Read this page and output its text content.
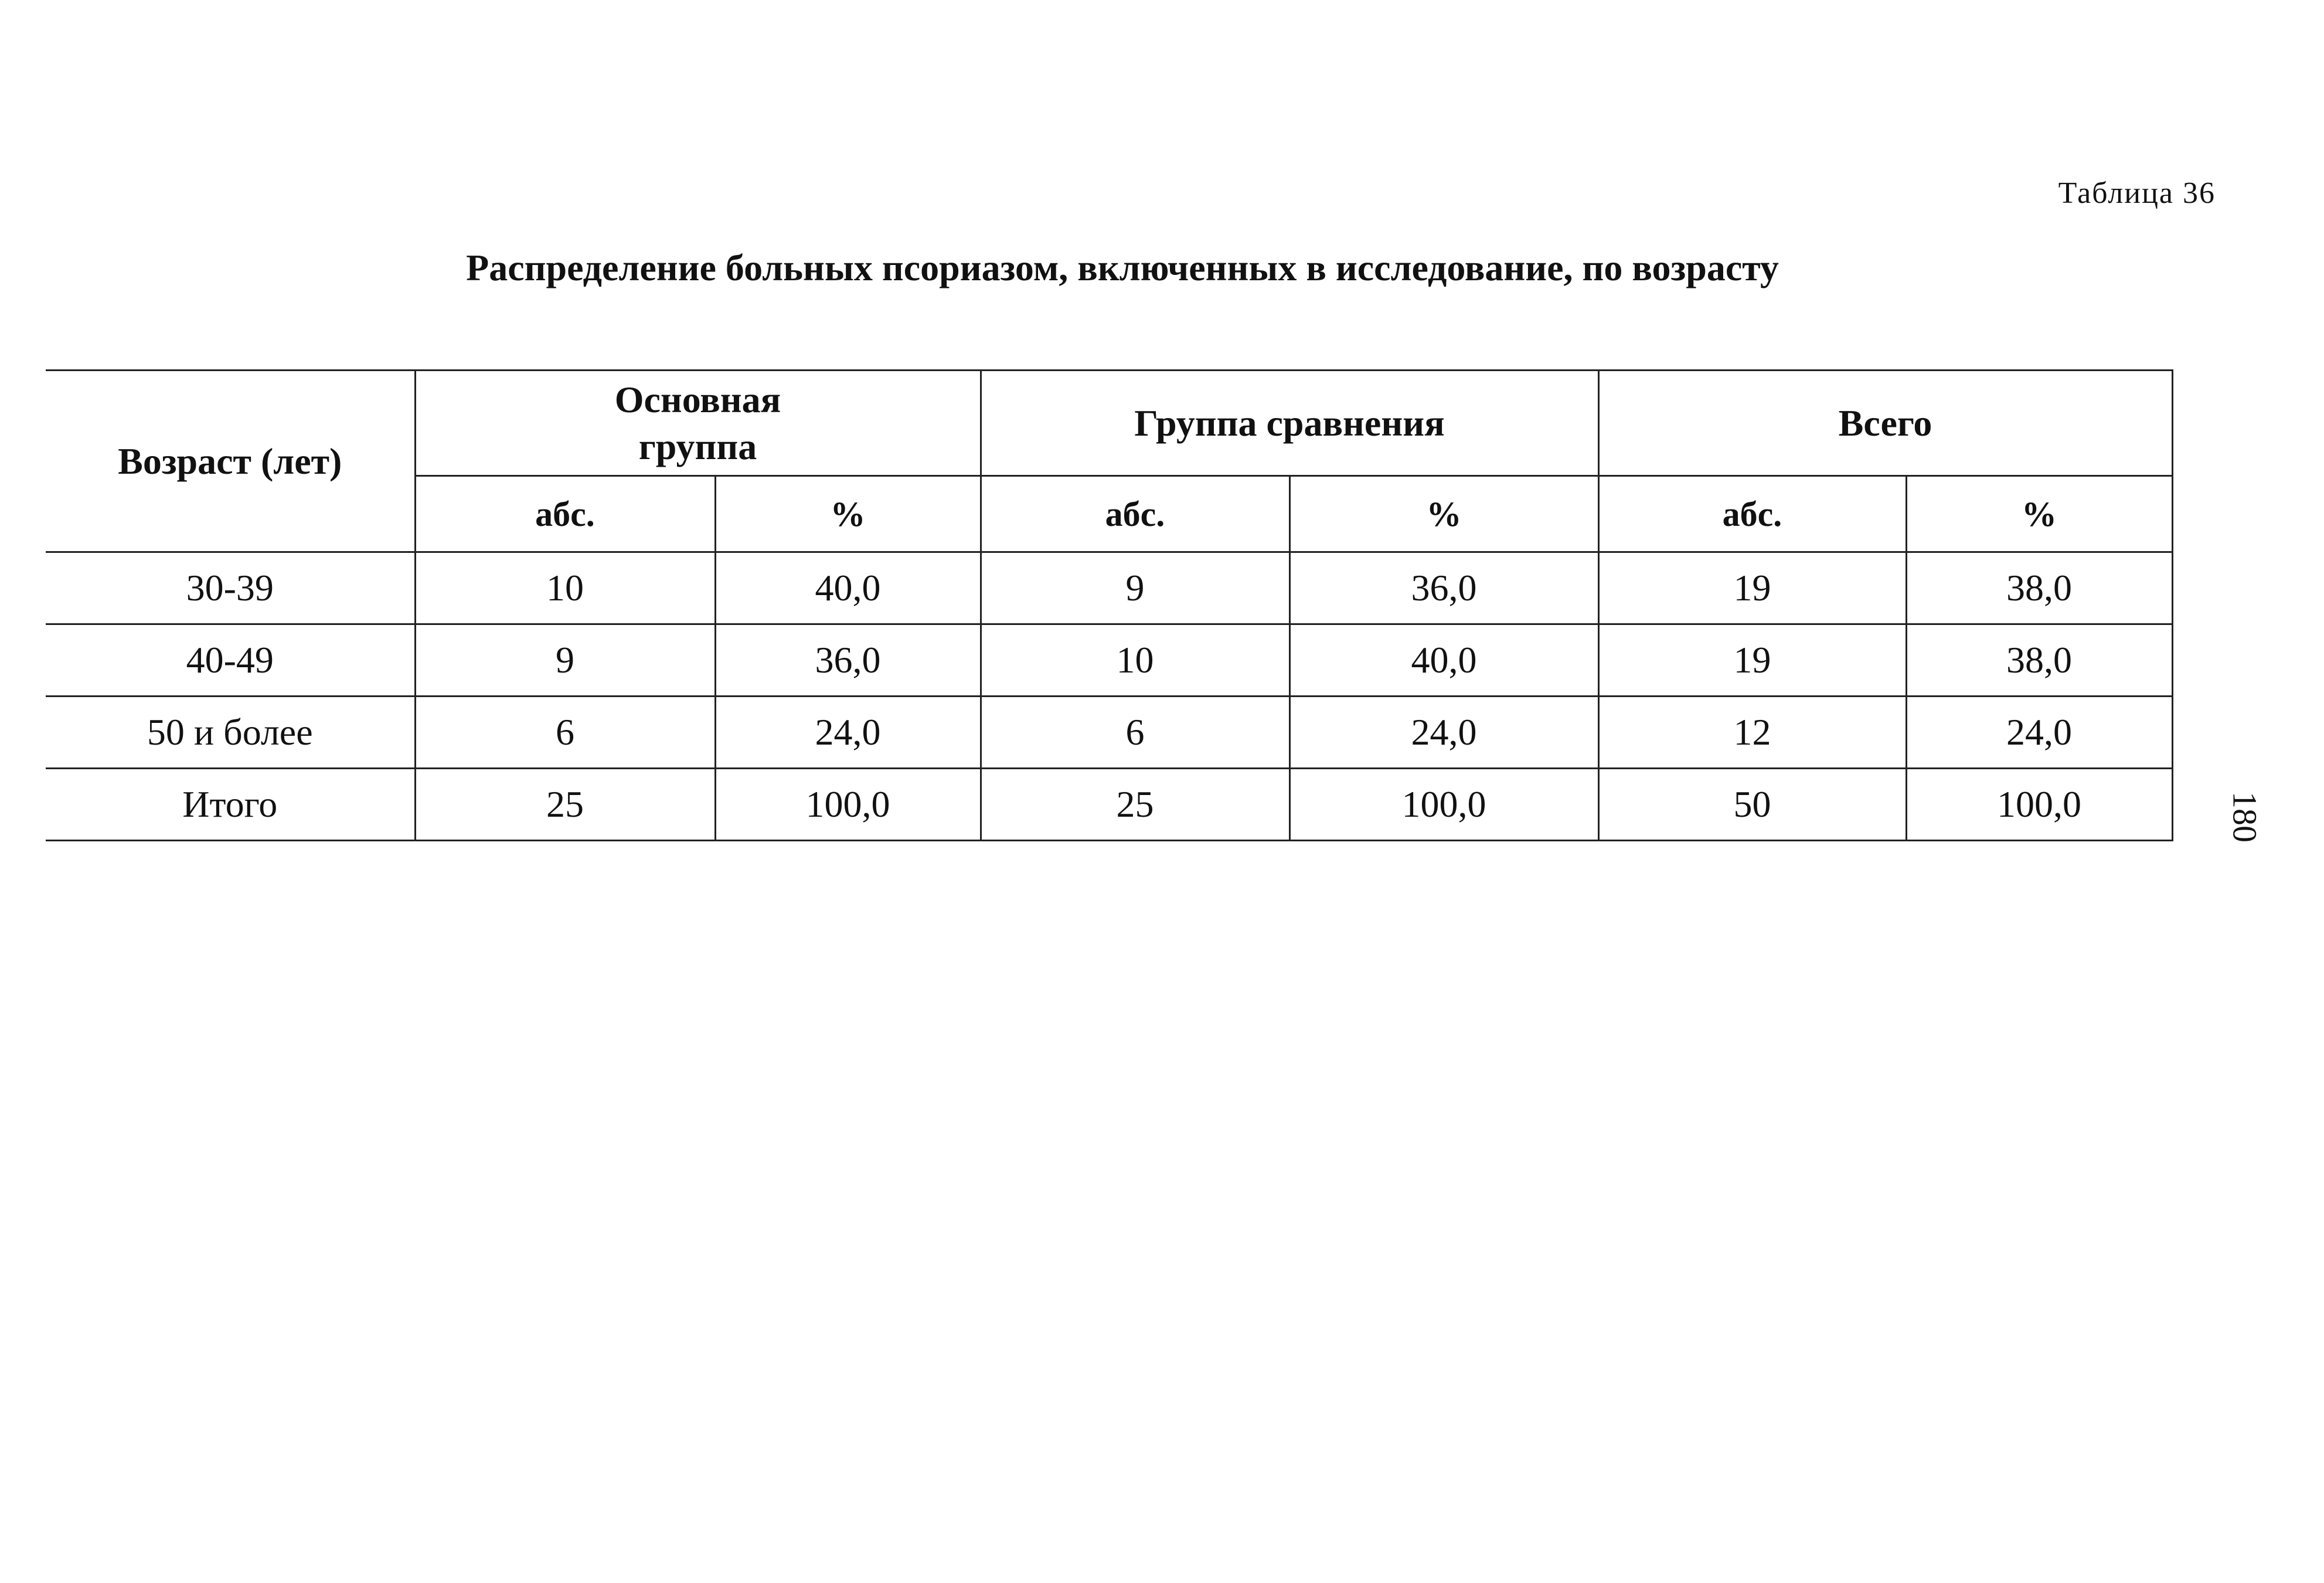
Таблица 36
Распределение больных псориазом, включенных в исследование, по возрасту
180
Возраст (лет)	Основная группа		Группа сравнения		Всего	
	абс.	%	абс.	%	абс.	%
30-39	10	40,0	9	36,0	19	38,0
40-49	9	36,0	10	40,0	19	38,0
50 и более	6	24,0	6	24,0	12	24,0
Итого	25	100,0	25	100,0	50	100,0
